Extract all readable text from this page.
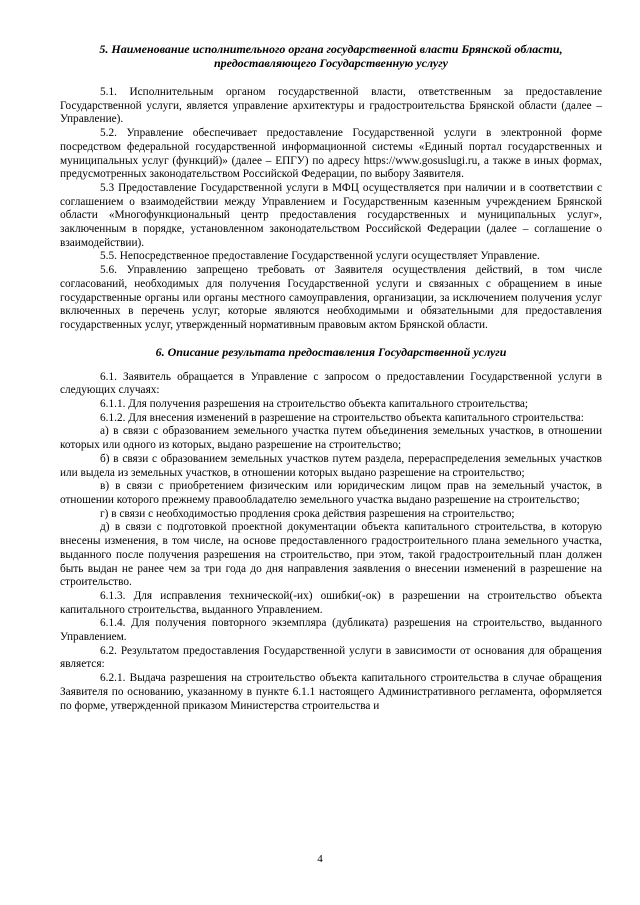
5. Наименование исполнительного органа государственной власти Брянской области,
предоставляющего Государственную услугу

5.1. Исполнительным органом государственной власти, ответственным за предоставление Государственной услуги, является управление архитектуры и градостроительства Брянской области (далее – Управление).

5.2. Управление обеспечивает предоставление Государственной услуги в электронной форме посредством федеральной государственной информационной системы «Единый портал государственных и муниципальных услуг (функций)» (далее – ЕПГУ) по адресу https://www.gosuslugi.ru, а также в иных формах, предусмотренных законодательством Российской Федерации, по выбору Заявителя.

5.3 Предоставление Государственной услуги в МФЦ осуществляется при наличии и в соответствии с соглашением о взаимодействии между Управлением и Государственным казенным учреждением Брянской области «Многофункциональный центр предоставления государственных и муниципальных услуг», заключенным в порядке, установленном законодательством Российской Федерации (далее – соглашение о взаимодействии).

5.5. Непосредственное предоставление Государственной услуги осуществляет Управление.

5.6. Управлению запрещено требовать от Заявителя осуществления действий, в том числе согласований, необходимых для получения Государственной услуги и связанных с обращением в иные государственные органы или органы местного самоуправления, организации, за исключением получения услуг включенных в перечень услуг, которые являются необходимыми и обязательными для предоставления государственных услуг, утвержденный нормативным правовым актом Брянской области.

6. Описание результата предоставления Государственной услуги

6.1. Заявитель обращается в Управление с запросом о предоставлении Государственной услуги в следующих случаях:

6.1.1. Для получения разрешения на строительство объекта капитального строительства;

6.1.2. Для внесения изменений в разрешение на строительство объекта капитального строительства:

а) в связи с образованием земельного участка путем объединения земельных участков, в отношении которых или одного из которых, выдано разрешение на строительство;

б) в связи с образованием земельных участков путем раздела, перераспределения земельных участков или выдела из земельных участков, в отношении которых выдано разрешение на строительство;

в) в связи с приобретением физическим или юридическим лицом прав на земельный участок, в отношении которого прежнему правообладателю земельного участка выдано разрешение на строительство;

г) в связи с необходимостью продления срока действия разрешения на строительство;

д) в связи с подготовкой проектной документации объекта капитального строительства, в которую внесены изменения, в том числе, на основе предоставленного градостроительного плана земельного участка, выданного после получения разрешения на строительство, при этом, такой градостроительный план должен быть выдан не ранее чем за три года до дня направления заявления о внесении изменений в разрешение на строительство.

6.1.3. Для исправления технической(-их) ошибки(-ок) в разрешении на строительство объекта капитального строительства, выданного Управлением.

6.1.4. Для получения повторного экземпляра (дубликата) разрешения на строительство, выданного Управлением.

6.2. Результатом предоставления Государственной услуги в зависимости от основания для обращения является:

6.2.1. Выдача разрешения на строительство объекта капитального строительства в случае обращения Заявителя по основанию, указанному в пункте 6.1.1 настоящего Административного регламента, оформляется по форме, утвержденной приказом Министерства строительства и

4
